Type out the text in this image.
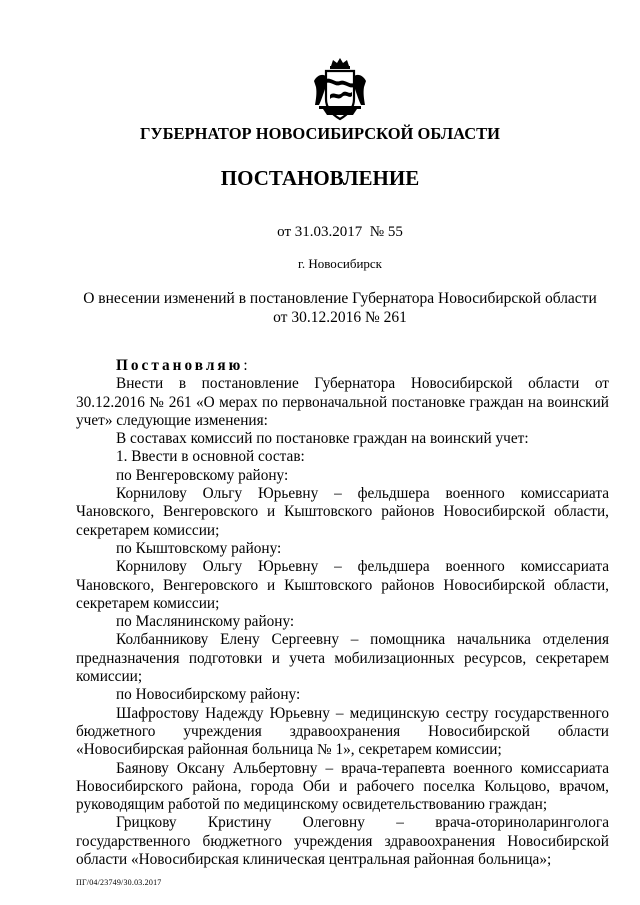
ГУБЕРНАТОР НОВОСИБИРСКОЙ ОБЛАСТИ
ПОСТАНОВЛЕНИЕ
от 31.03.2017  № 55
г. Новосибирск
О внесении изменений в постановление Губернатора Новосибирской области
от 30.12.2016 № 261

Постановляю:

Внести в постановление Губернатора Новосибирской области от 30.12.2016 № 261 «О мерах по первоначальной постановке граждан на воинский учет» следующие изменения:

В составах комиссий по постановке граждан на воинский учет:

1. Ввести в основной состав:

по Венгеровскому району:

Корнилову Ольгу Юрьевну – фельдшера военного комиссариата Чановского, Венгеровского и Кыштовского районов Новосибирской области, секретарем комиссии;

по Кыштовскому району:

Корнилову Ольгу Юрьевну – фельдшера военного комиссариата Чановского, Венгеровского и Кыштовского районов Новосибирской области, секретарем комиссии;

по Маслянинскому району:

Колбанникову Елену Сергеевну – помощника начальника отделения предназначения подготовки и учета мобилизационных ресурсов, секретарем комиссии;

по Новосибирскому району:

Шафростову Надежду Юрьевну – медицинскую сестру государственного бюджетного учреждения здравоохранения Новосибирской области «Новосибирская районная больница № 1», секретарем комиссии;

Баянову Оксану Альбертовну – врача-терапевта военного комиссариата Новосибирского района, города Оби и рабочего поселка Кольцово, врачом, руководящим работой по медицинскому освидетельствованию граждан;

Грицкову Кристину Олеговну – врача-оториноларинголога государственного бюджетного учреждения здравоохранения Новосибирской области «Новосибирская клиническая центральная районная больница»;

ПГ/04/23749/30.03.2017
